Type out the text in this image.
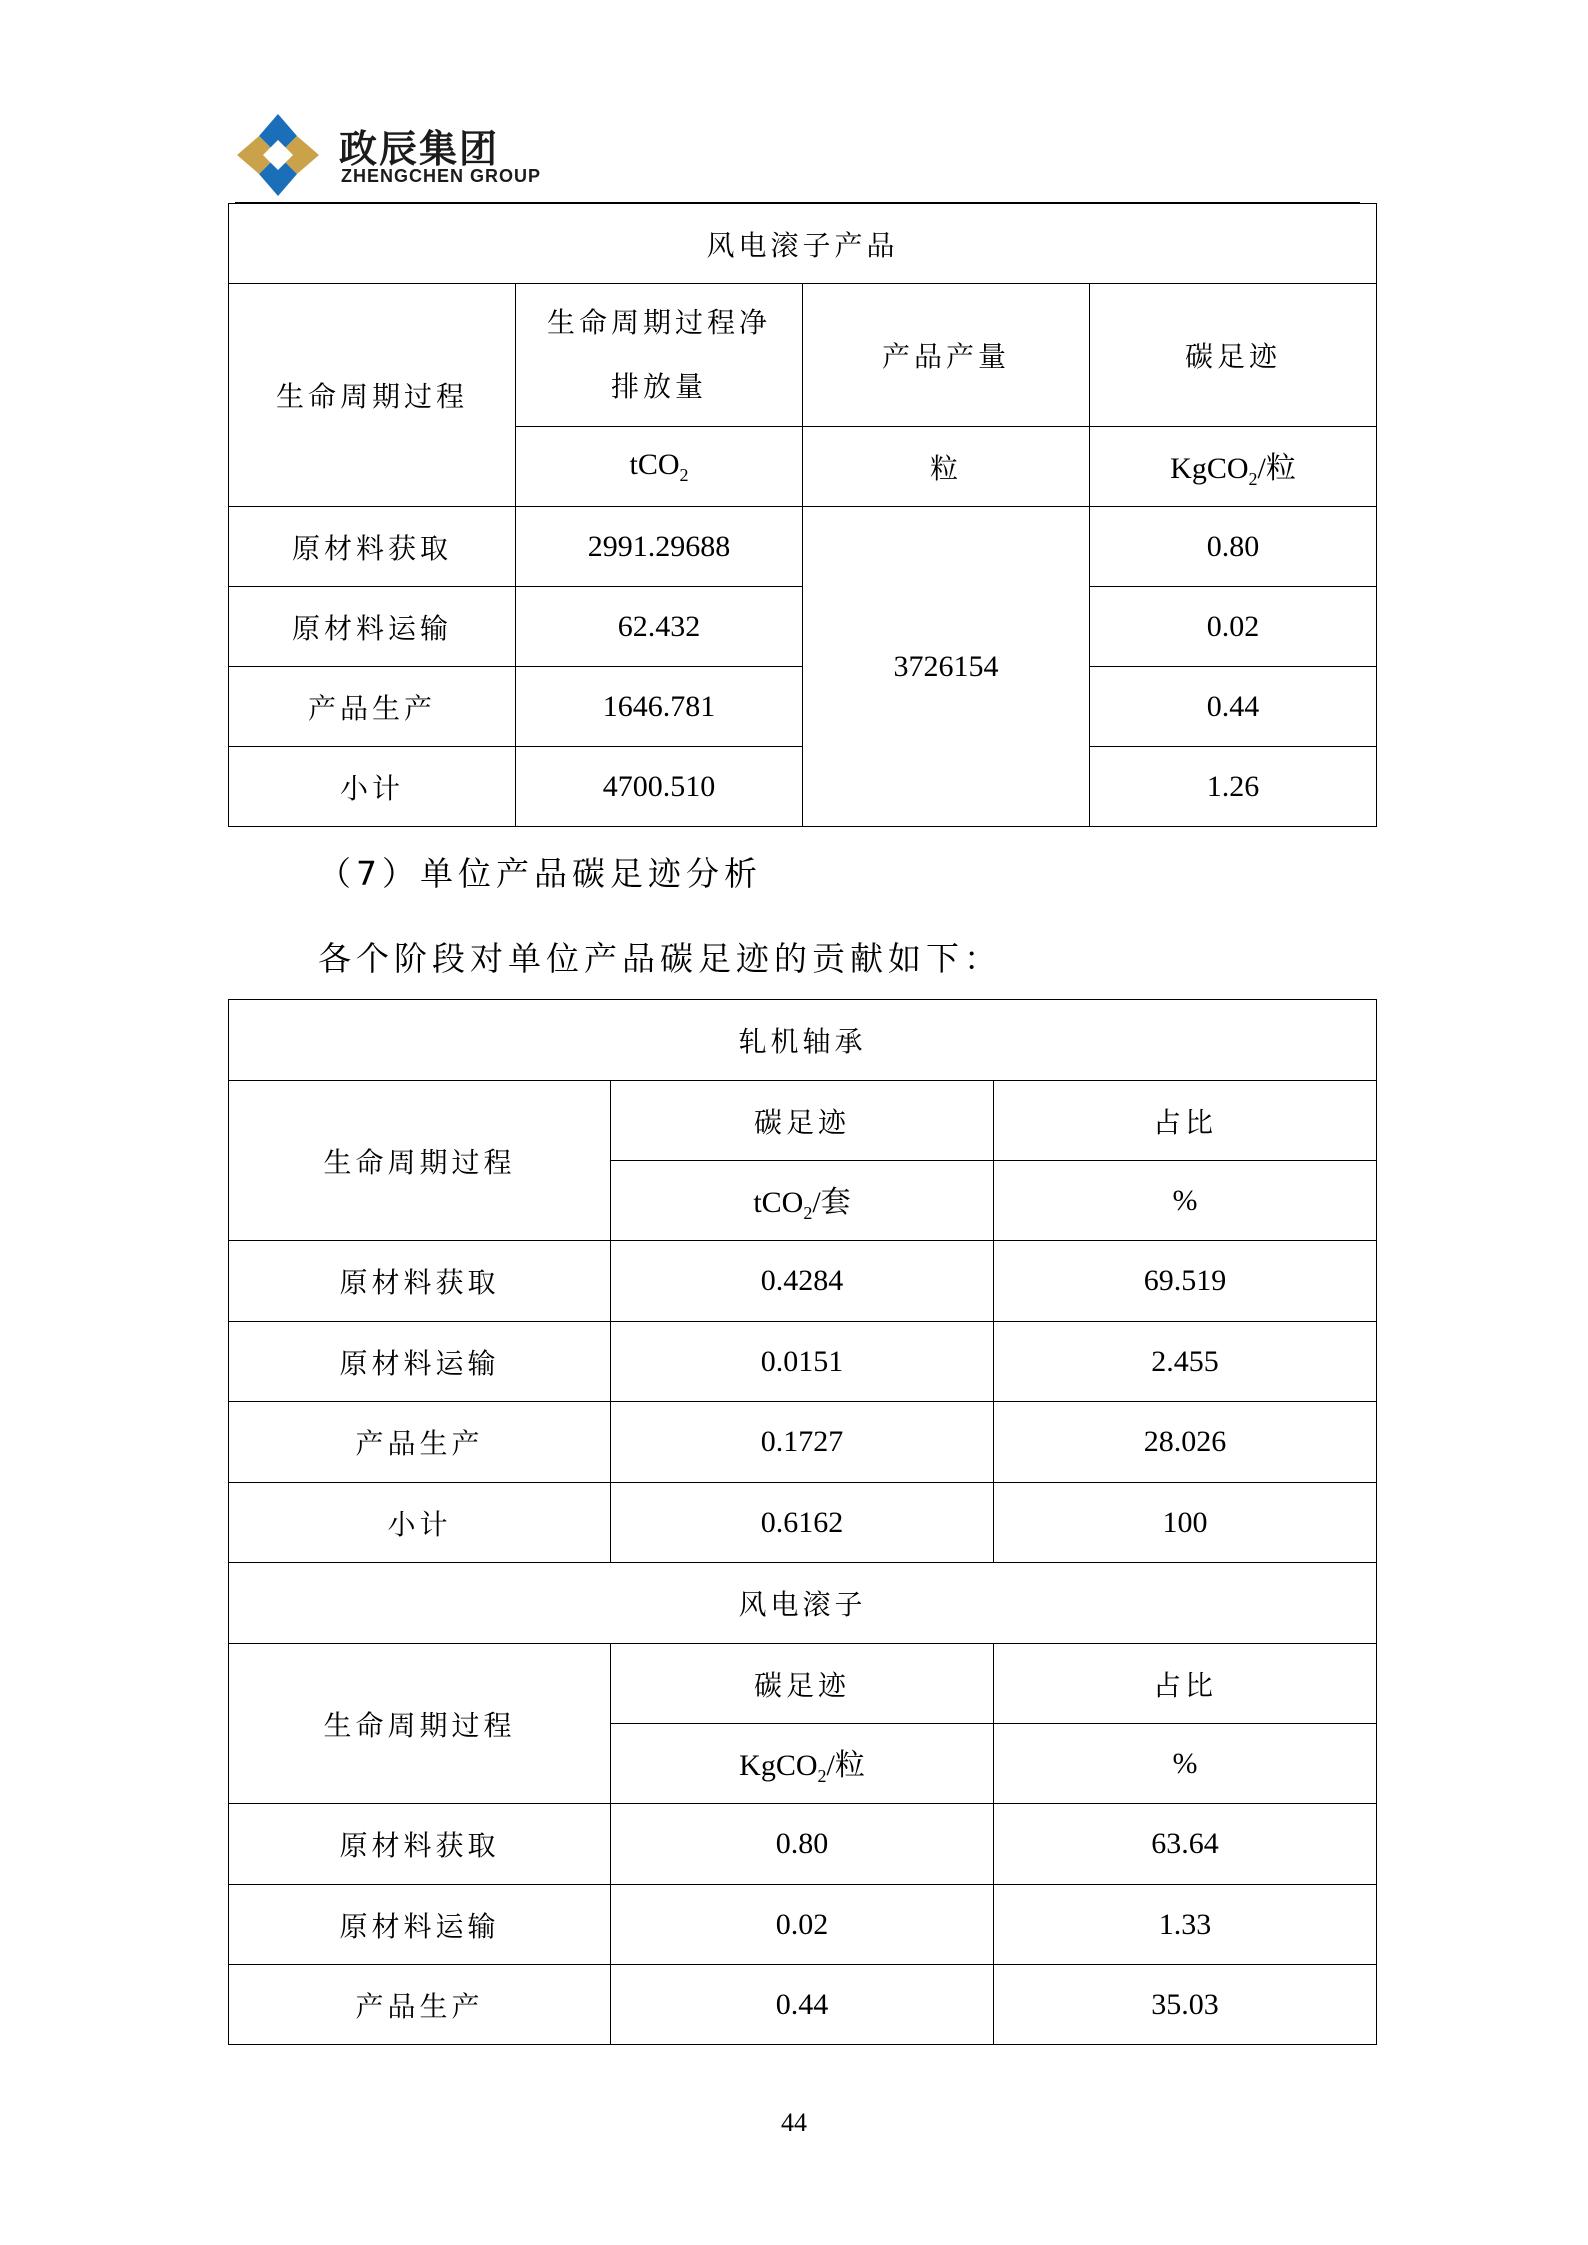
政辰集团
ZHENGCHEN GROUP
风电滚子产品			
生命周期过程	生命周期过程净排放量	产品产量	碳足迹
	tCO$_2$	粒	KgCO$_2$/粒
原材料获取	2991.29688	3726154	0.80
原材料运输	62.432		0.02
产品生产	1646.781		0.44
小计	4700.510		1.26
（7）单位产品碳足迹分析
各个阶段对单位产品碳足迹的贡献如下：
轧机轴承		
生命周期过程	碳足迹	占比
	tCO$_2$/套	%
原材料获取	0.4284	69.519
原材料运输	0.0151	2.455
产品生产	0.1727	28.026
小计	0.6162	100
风电滚子		
生命周期过程	碳足迹	占比
	KgCO$_2$/粒	%
原材料获取	0.80	63.64
原材料运输	0.02	1.33
产品生产	0.44	35.03
44
